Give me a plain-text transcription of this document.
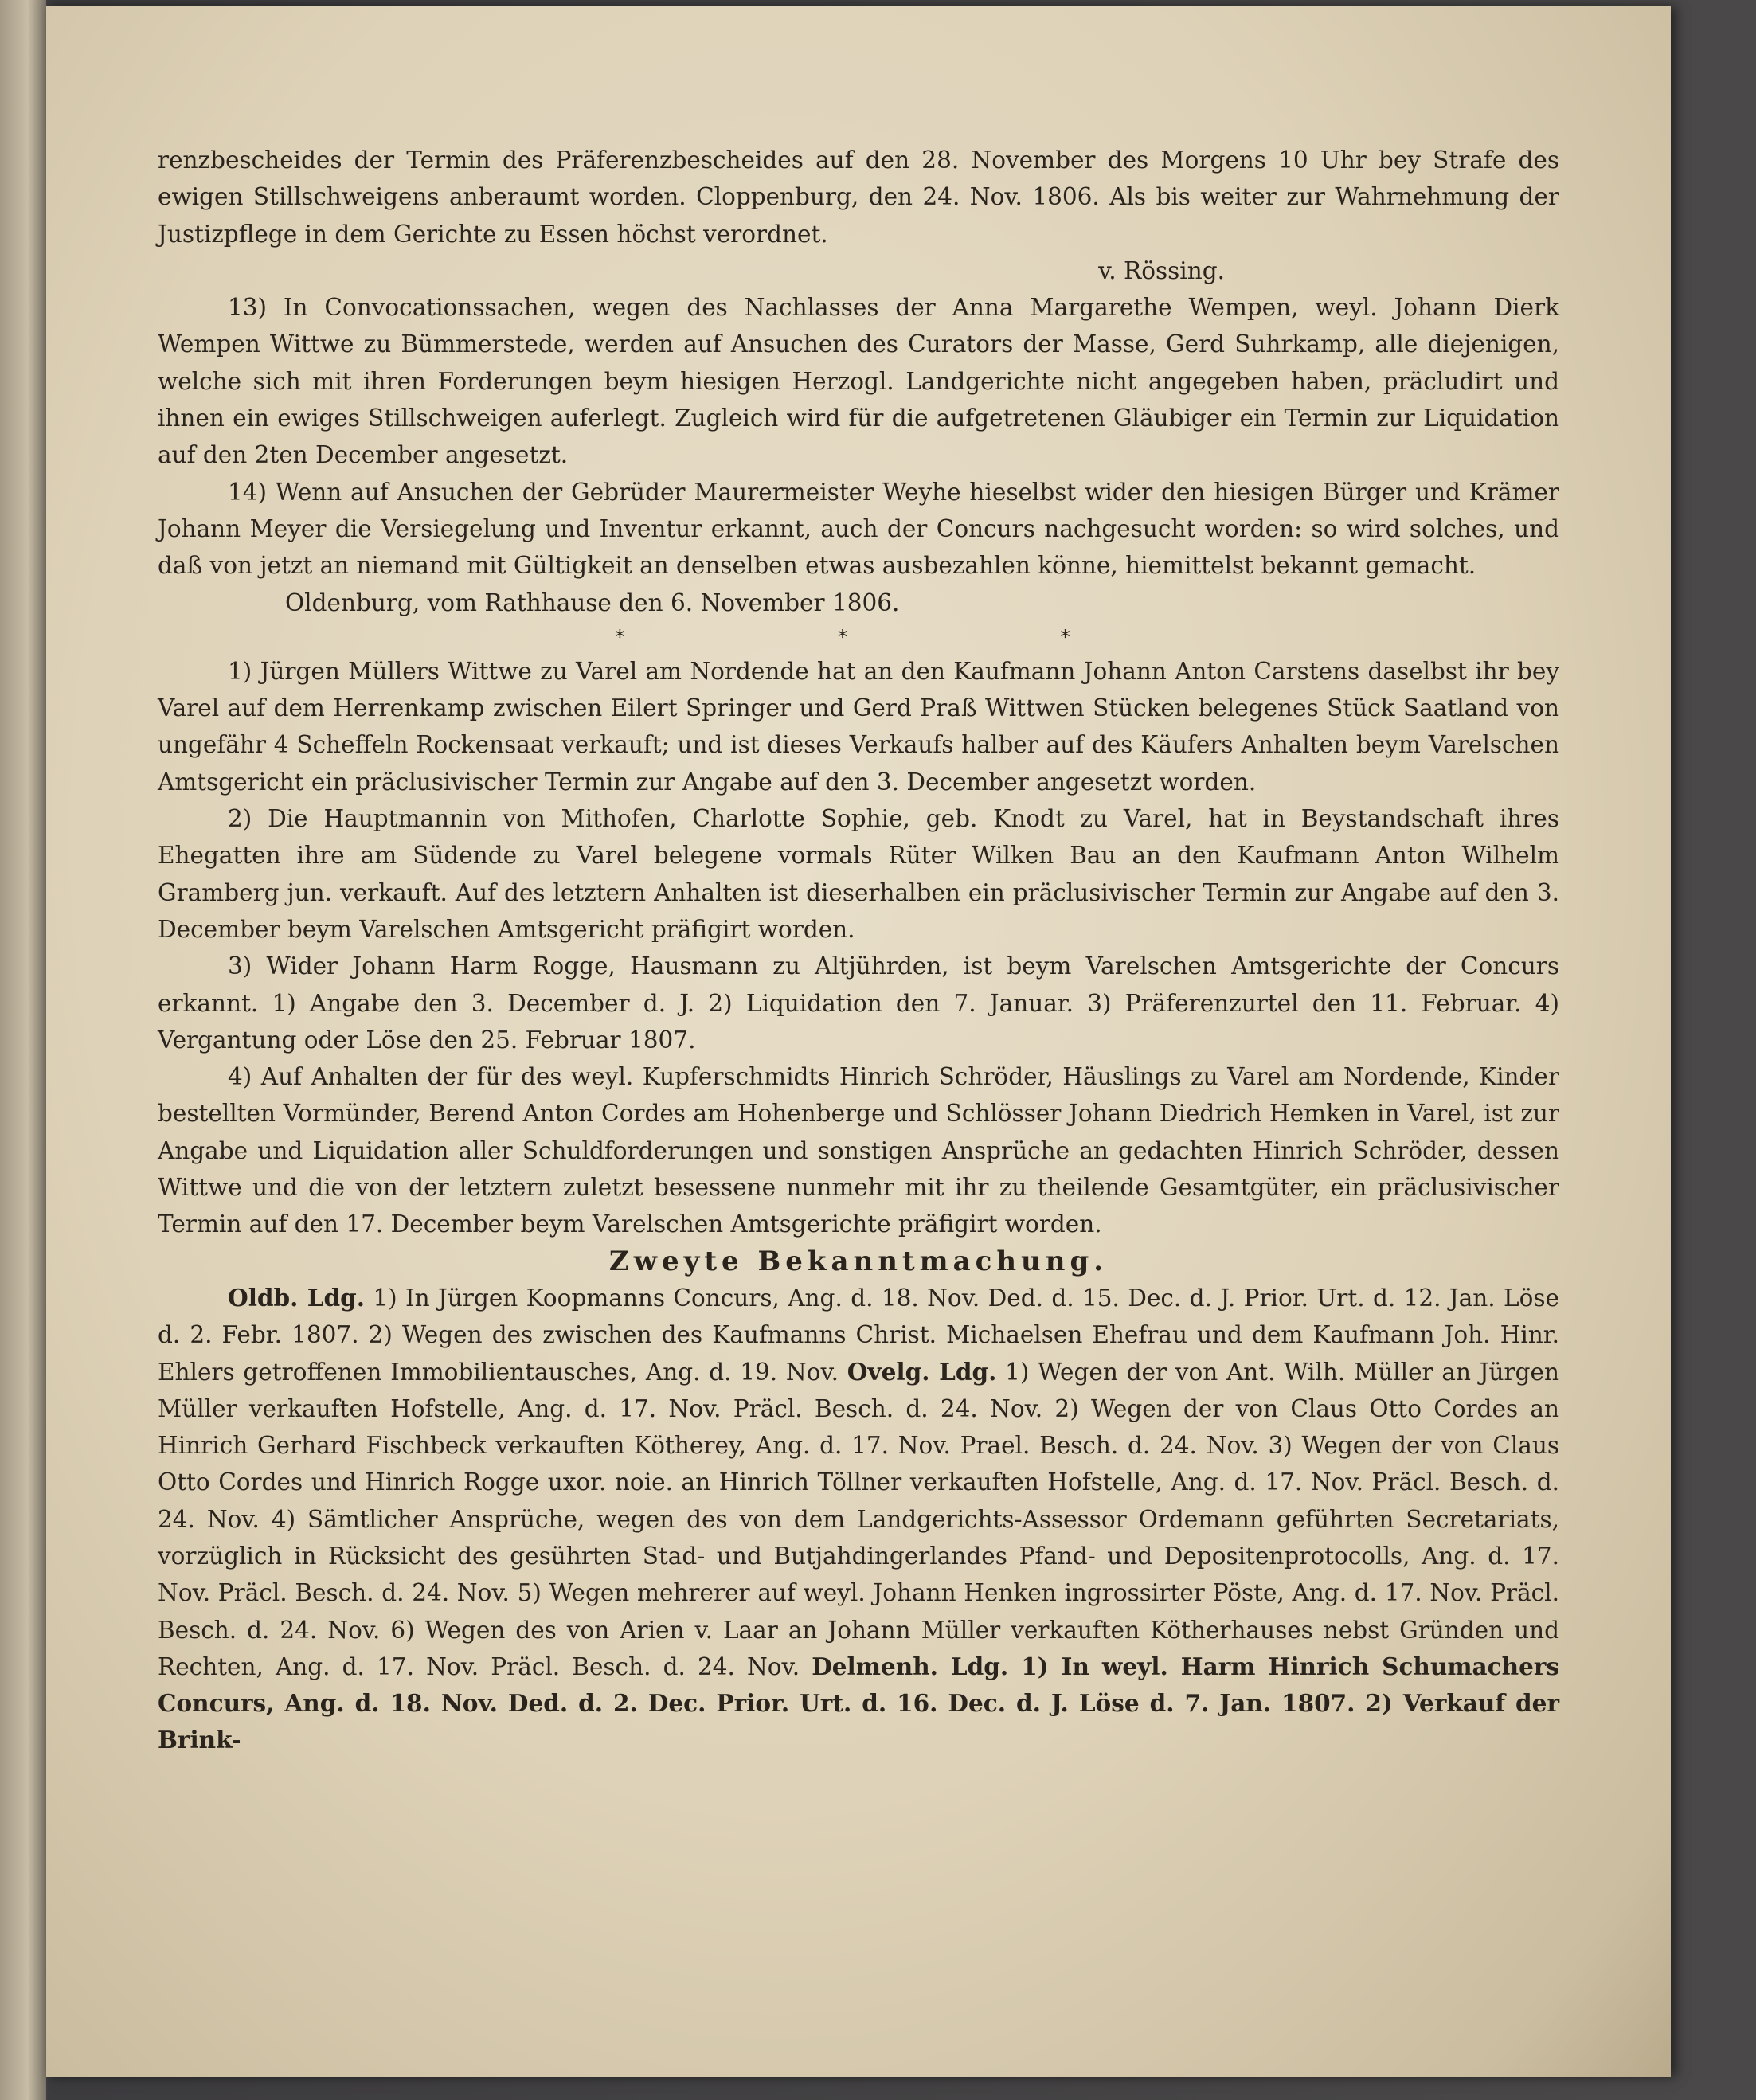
renzbescheides der Termin des Präferenzbescheides auf den 28. November des Morgens 10 Uhr bey Strafe des ewigen Stillschweigens anberaumt worden. Cloppenburg, den 24. Nov. 1806. Als bis weiter zur Wahrnehmung der Justizpflege in dem Gerichte zu Essen höchst verordnet.

v. Rössing.

13) In Convocationssachen, wegen des Nachlasses der Anna Margarethe Wempen, weyl. Johann Dierk Wempen Wittwe zu Bümmerstede, werden auf Ansuchen des Curators der Masse, Gerd Suhrkamp, alle diejenigen, welche sich mit ihren Forderungen beym hiesigen Herzogl. Landgerichte nicht angegeben haben, präcludirt und ihnen ein ewiges Stillschweigen auferlegt. Zugleich wird für die aufgetretenen Gläubiger ein Termin zur Liquidation auf den 2ten December angesetzt.

14) Wenn auf Ansuchen der Gebrüder Maurermeister Weyhe hieselbst wider den hiesigen Bürger und Krämer Johann Meyer die Versiegelung und Inventur erkannt, auch der Concurs nachgesucht worden: so wird solches, und daß von jetzt an niemand mit Gültigkeit an denselben etwas ausbezahlen könne, hiemittelst bekannt gemacht.

Oldenburg, vom Rathhause den 6. November 1806.

*	*	*

1) Jürgen Müllers Wittwe zu Varel am Nordende hat an den Kaufmann Johann Anton Carstens daselbst ihr bey Varel auf dem Herrenkamp zwischen Eilert Springer und Gerd Praß Wittwen Stücken belegenes Stück Saatland von ungefähr 4 Scheffeln Rockensaat verkauft; und ist dieses Verkaufs halber auf des Käufers Anhalten beym Varelschen Amtsgericht ein präclusivischer Termin zur Angabe auf den 3. December angesetzt worden.

2) Die Hauptmannin von Mithofen, Charlotte Sophie, geb. Knodt zu Varel, hat in Beystandschaft ihres Ehegatten ihre am Südende zu Varel belegene vormals Rüter Wilken Bau an den Kaufmann Anton Wilhelm Gramberg jun. verkauft. Auf des letztern Anhalten ist dieserhalben ein präclusivischer Termin zur Angabe auf den 3. December beym Varelschen Amtsgericht präfigirt worden.

3) Wider Johann Harm Rogge, Hausmann zu Altjührden, ist beym Varelschen Amtsgerichte der Concurs erkannt. 1) Angabe den 3. December d. J. 2) Liquidation den 7. Januar. 3) Präferenzurtel den 11. Februar. 4) Vergantung oder Löse den 25. Februar 1807.

4) Auf Anhalten der für des weyl. Kupferschmidts Hinrich Schröder, Häuslings zu Varel am Nordende, Kinder bestellten Vormünder, Berend Anton Cordes am Hohenberge und Schlösser Johann Diedrich Hemken in Varel, ist zur Angabe und Liquidation aller Schuldforderungen und sonstigen Ansprüche an gedachten Hinrich Schröder, dessen Wittwe und die von der letztern zuletzt besessene nunmehr mit ihr zu theilende Gesamtgüter, ein präclusivischer Termin auf den 17. December beym Varelschen Amtsgerichte präfigirt worden.

Zweyte Bekanntmachung.

Oldb. Ldg. 1) In Jürgen Koopmanns Concurs, Ang. d. 18. Nov. Ded. d. 15. Dec. d. J. Prior. Urt. d. 12. Jan. Löse d. 2. Febr. 1807. 2) Wegen des zwischen des Kaufmanns Christ. Michaelsen Ehefrau und dem Kaufmann Joh. Hinr. Ehlers getroffenen Immobilientausches, Ang. d. 19. Nov. Ovelg. Ldg. 1) Wegen der von Ant. Wilh. Müller an Jürgen Müller verkauften Hofstelle, Ang. d. 17. Nov. Präcl. Besch. d. 24. Nov. 2) Wegen der von Claus Otto Cordes an Hinrich Gerhard Fischbeck verkauften Kötherey, Ang. d. 17. Nov. Prael. Besch. d. 24. Nov. 3) Wegen der von Claus Otto Cordes und Hinrich Rogge uxor. noie. an Hinrich Töllner verkauften Hofstelle, Ang. d. 17. Nov. Präcl. Besch. d. 24. Nov. 4) Sämtlicher Ansprüche, wegen des von dem Landgerichts-Assessor Ordemann geführten Secretariats, vorzüglich in Rücksicht des gesührten Stad- und Butjahdingerlandes Pfand- und Depositenprotocolls, Ang. d. 17. Nov. Präcl. Besch. d. 24. Nov. 5) Wegen mehrerer auf weyl. Johann Henken ingrossirter Pöste, Ang. d. 17. Nov. Präcl. Besch. d. 24. Nov. 6) Wegen des von Arien v. Laar an Johann Müller verkauften Kötherhauses nebst Gründen und Rechten, Ang. d. 17. Nov. Präcl. Besch. d. 24. Nov. Delmenh. Ldg. 1) In weyl. Harm Hinrich Schumachers Concurs, Ang. d. 18. Nov. Ded. d. 2. Dec. Prior. Urt. d. 16. Dec. d. J. Löse d. 7. Jan. 1807. 2) Verkauf der Brink-
